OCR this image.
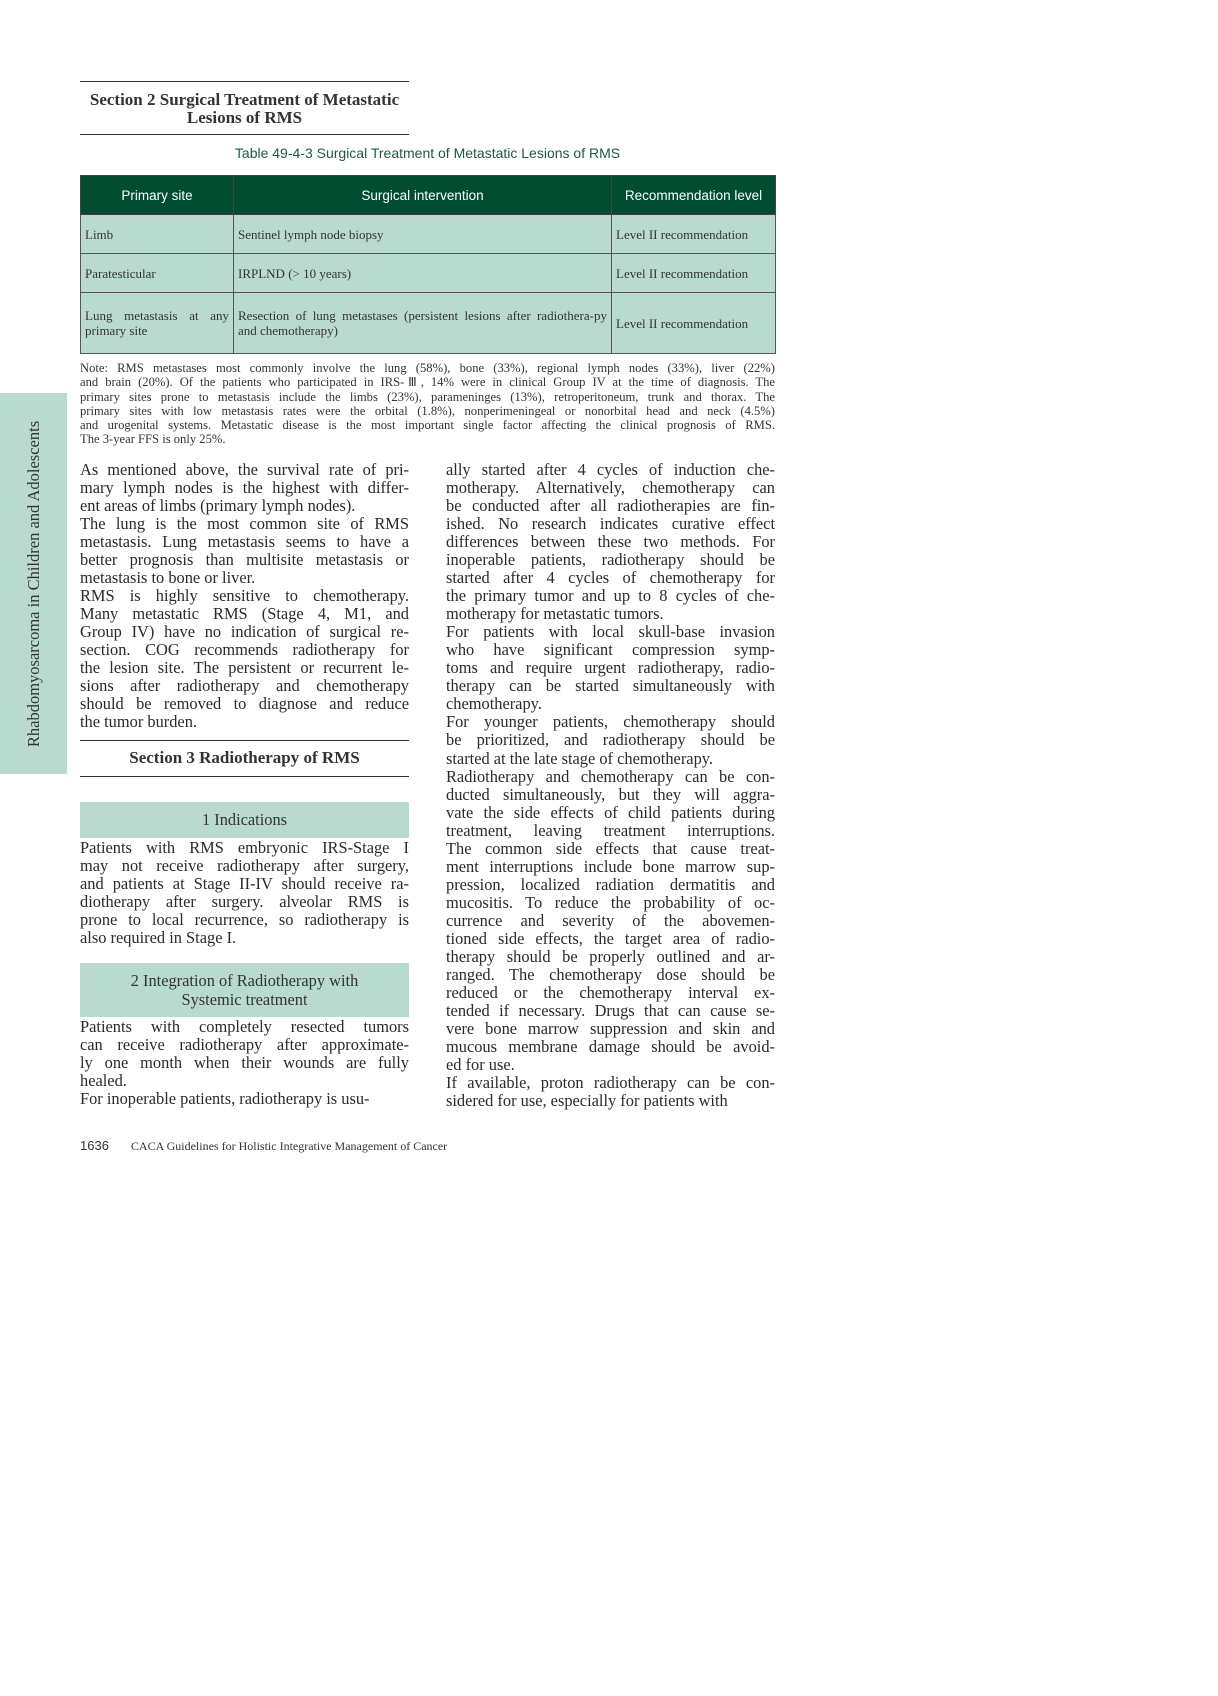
Rhabdomyosarcoma in Children and Adolescents
Section 2 Surgical Treatment of Metastatic
Lesions of RMS
Table 49-4-3 Surgical Treatment of Metastatic Lesions of RMS
Primary site	Surgical intervention	Recommendation level
Limb	Sentinel lymph node biopsy	Level II recommendation
Paratesticular	IRPLND (> 10 years)	Level II recommendation
Lung metastasis at any primary site	Resection of lung metastases (persistent lesions after radiothera-py and chemotherapy)	Level II recommendation
Note: RMS metastases most commonly involve the lung (58%), bone (33%), regional lymph nodes (33%), liver (22%)
and brain (20%). Of the patients who participated in IRS-Ⅲ, 14% were in clinical Group IV at the time of diagnosis. The
primary sites prone to metastasis include the limbs (23%), parameninges (13%), retroperitoneum, trunk and thorax. The
primary sites with low metastasis rates were the orbital (1.8%), nonperimeningeal or nonorbital head and neck (4.5%)
and urogenital systems. Metastatic disease is the most important single factor affecting the clinical prognosis of RMS.
The 3-year FFS is only 25%.
As mentioned above, the survival rate of pri-
mary lymph nodes is the highest with differ-
ent areas of limbs (primary lymph nodes).
The lung is the most common site of RMS
metastasis. Lung metastasis seems to have a
better prognosis than multisite metastasis or
metastasis to bone or liver.
RMS is highly sensitive to chemotherapy.
Many metastatic RMS (Stage 4, M1, and
Group IV) have no indication of surgical re-
section. COG recommends radiotherapy for
the lesion site. The persistent or recurrent le-
sions after radiotherapy and chemotherapy
should be removed to diagnose and reduce
the tumor burden.
Section 3 Radiotherapy of RMS
1 Indications
Patients with RMS embryonic IRS-Stage I
may not receive radiotherapy after surgery,
and patients at Stage II-IV should receive ra-
diotherapy after surgery. alveolar RMS is
prone to local recurrence, so radiotherapy is
also required in Stage I.
2 Integration of Radiotherapy with
Systemic treatment
Patients with completely resected tumors
can receive radiotherapy after approximate-
ly one month when their wounds are fully
healed.
For inoperable patients, radiotherapy is usu-
ally started after 4 cycles of induction che-
motherapy. Alternatively, chemotherapy can
be conducted after all radiotherapies are fin-
ished. No research indicates curative effect
differences between these two methods. For
inoperable patients, radiotherapy should be
started after 4 cycles of chemotherapy for
the primary tumor and up to 8 cycles of che-
motherapy for metastatic tumors.
For patients with local skull-base invasion
who have significant compression symp-
toms and require urgent radiotherapy, radio-
therapy can be started simultaneously with
chemotherapy.
For younger patients, chemotherapy should
be prioritized, and radiotherapy should be
started at the late stage of chemotherapy.
Radiotherapy and chemotherapy can be con-
ducted simultaneously, but they will aggra-
vate the side effects of child patients during
treatment, leaving treatment interruptions.
The common side effects that cause treat-
ment interruptions include bone marrow sup-
pression, localized radiation dermatitis and
mucositis. To reduce the probability of oc-
currence and severity of the abovemen-
tioned side effects, the target area of radio-
therapy should be properly outlined and ar-
ranged. The chemotherapy dose should be
reduced or the chemotherapy interval ex-
tended if necessary. Drugs that can cause se-
vere bone marrow suppression and skin and
mucous membrane damage should be avoid-
ed for use.
If available, proton radiotherapy can be con-
sidered for use, especially for patients with
1636 CACA Guidelines for Holistic Integrative Management of Cancer
